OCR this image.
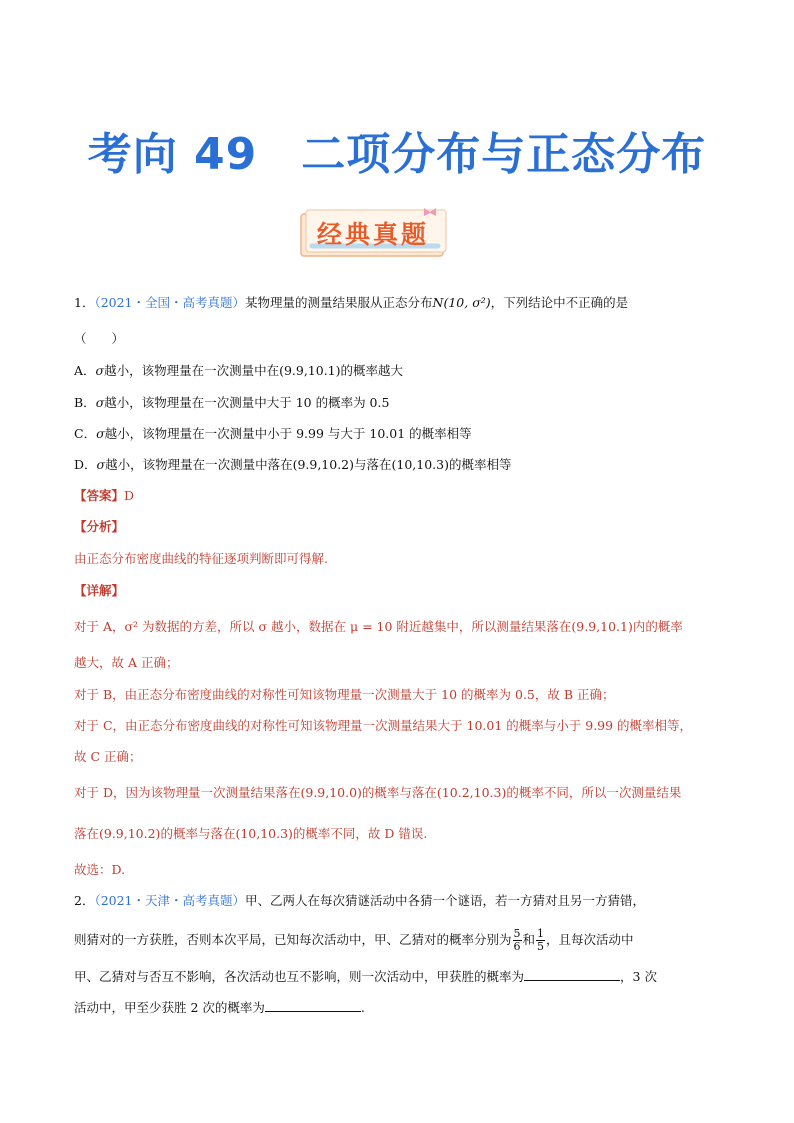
考向 49 二项分布与正态分布
经典真题
1．（2021・全国・高考真题）某物理量的测量结果服从正态分布N(10, σ²)，下列结论中不正确的是
（　　）
A．σ越小，该物理量在一次测量中在(9.9,10.1)的概率越大
B．σ越小，该物理量在一次测量中大于 10 的概率为 0.5
C．σ越小，该物理量在一次测量中小于 9.99 与大于 10.01 的概率相等
D．σ越小，该物理量在一次测量中落在(9.9,10.2)与落在(10,10.3)的概率相等
【答案】D
【分析】
由正态分布密度曲线的特征逐项判断即可得解.
【详解】
对于 A，σ² 为数据的方差，所以 σ 越小，数据在 μ = 10 附近越集中，所以测量结果落在(9.9,10.1)内的概率
越大，故 A 正确；
对于 B，由正态分布密度曲线的对称性可知该物理量一次测量大于 10 的概率为 0.5，故 B 正确；
对于 C，由正态分布密度曲线的对称性可知该物理量一次测量结果大于 10.01 的概率与小于 9.99 的概率相等，
故 C 正确；
对于 D，因为该物理量一次测量结果落在(9.9,10.0)的概率与落在(10.2,10.3)的概率不同，所以一次测量结果
落在(9.9,10.2)的概率与落在(10,10.3)的概率不同，故 D 错误.
故选：D.
2．（2021・天津・高考真题）甲、乙两人在每次猜谜活动中各猜一个谜语，若一方猜对且另一方猜错，
则猜对的一方获胜，否则本次平局，已知每次活动中，甲、乙猜对的概率分别为 $\frac{5}{6}$ 和 $\frac{1}{5}$ ，且每次活动中
甲、乙猜对与否互不影响，各次活动也互不影响，则一次活动中，甲获胜的概率为	，3 次
活动中，甲至少获胜 2 次的概率为	.
